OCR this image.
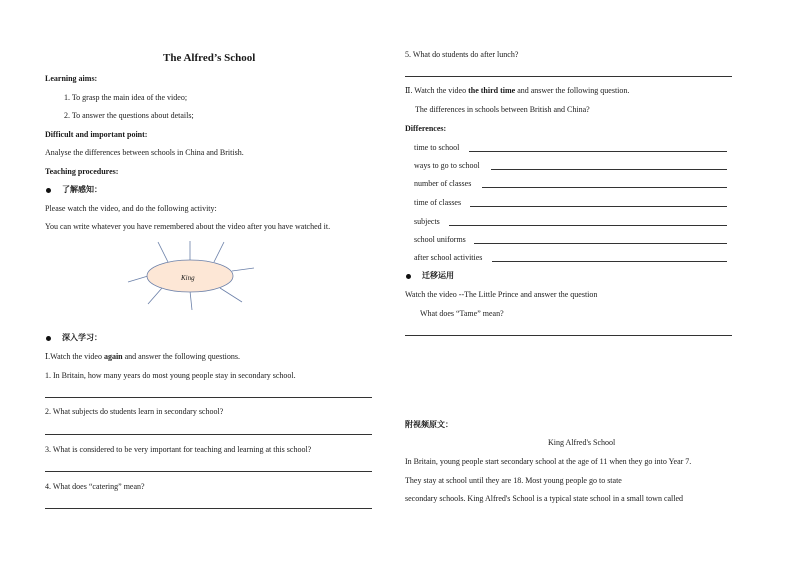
The Alfred’s School
Learning aims:
1. To grasp the main idea of the video;
2. To answer the questions about details;
Difficult and important point:
Analyse the differences between schools in China and British.
Teaching procedures:
了解感知：
Please watch the video, and do the following activity:
You can write whatever you have remembered about the video after you have watched it.
King
深入学习：
Ⅰ.Watch the video again and answer the following questions.
1. In Britain, how many years do most young people stay in secondary school.
2. What subjects do students learn in secondary school?
3. What is considered to be very important for teaching and learning at this school?
4. What does “catering” mean?
5. What do students do after lunch?
Ⅱ. Watch the video the third time and answer the following question.
The differences in schools between British and China?
Differences:
time to school
ways to go to school
number of classes
time of classes
subjects
school uniforms
after school activities
迁移运用
Watch the video --The Little Prince and answer the question
What does “Tame” mean?
附视频原文：
King Alfred's School
In Britain, young people start secondary school at the age of 11 when they go into Year 7.
They stay at school until they are 18. Most young people go to state
secondary schools. King Alfred's School is a typical state school in a small town called
